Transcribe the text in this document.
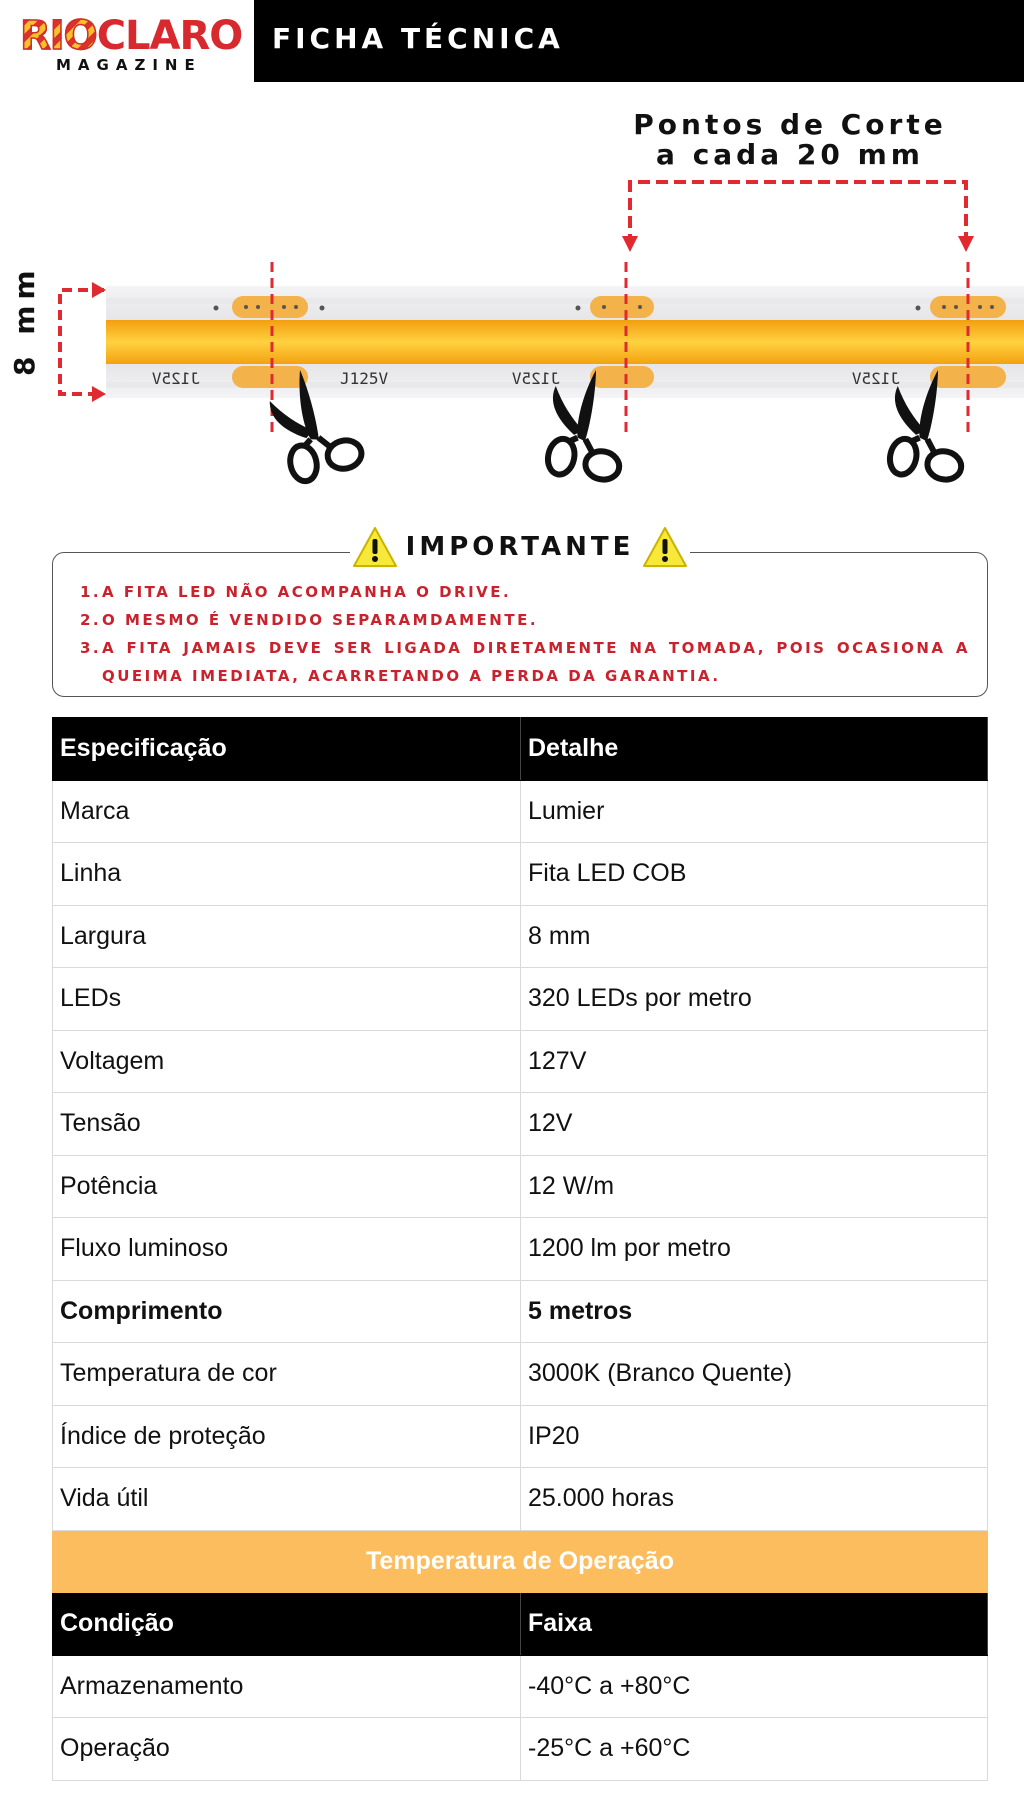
RIOCLARO
MAGAZINE
FICHA TÉCNICA
J125V	J125V	J125V	J125V
Pontos de Corte
a cada 20 mm
8 mm
IMPORTANTE
1. A FITA LED NÃO ACOMPANHA O DRIVE.
2. O MESMO É VENDIDO SEPARAMDAMENTE.
3. A FITA JAMAIS DEVE SER LIGADA DIRETAMENTE NA TOMADA, POIS OCASIONA A QUEIMA IMEDIATA, ACARRETANDO A PERDA DA GARANTIA.
Especificação	Detalhe
Marca	Lumier
Linha	Fita LED COB
Largura	8 mm
LEDs	320 LEDs por metro
Voltagem	127V
Tensão	12V
Potência	12 W/m
Fluxo luminoso	1200 lm por metro
Comprimento	5 metros
Temperatura de cor	3000K (Branco Quente)
Índice de proteção	IP20
Vida útil	25.000 horas
Temperatura de Operação	
Condição	Faixa
Armazenamento	-40°C a +80°C
Operação	-25°C a +60°C
